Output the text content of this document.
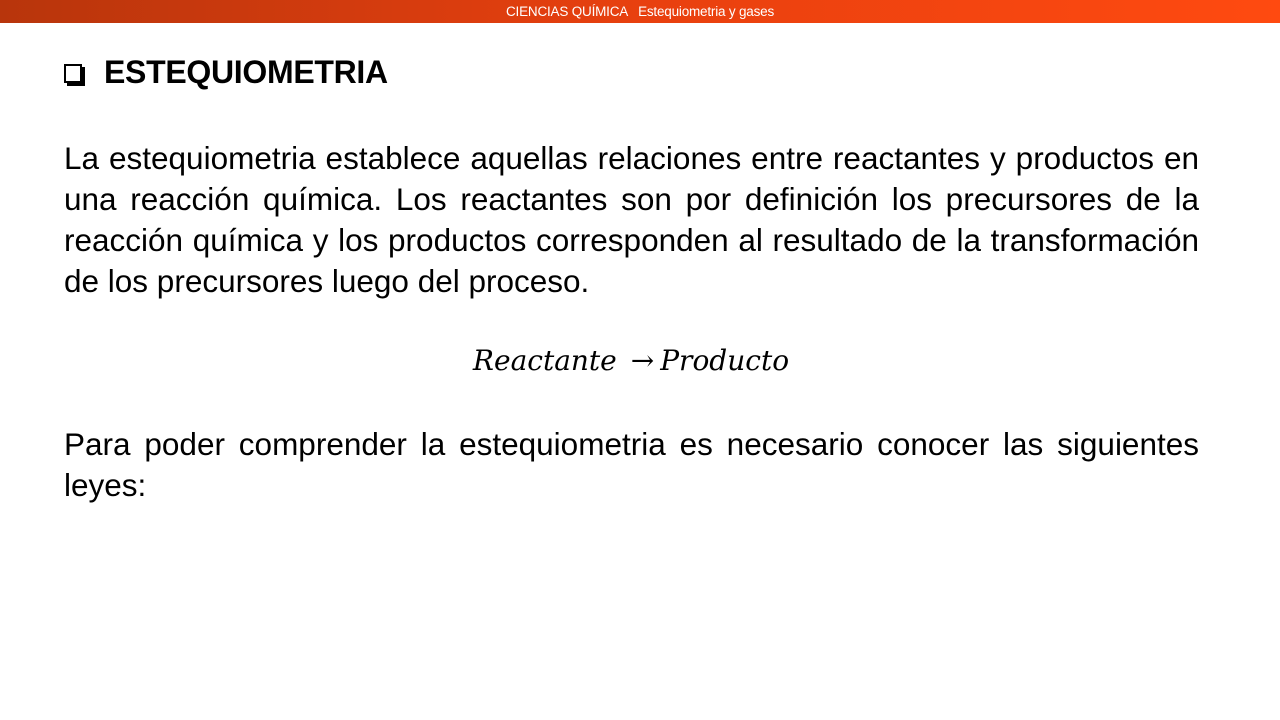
CIENCIAS QUÍMICA Estequiometria y gases
ESTEQUIOMETRIA

La estequiometria establece aquellas relaciones entre reactantes y productos en una reacción química. Los reactantes son por definición los precursores de la reacción química y los productos corresponden al resultado de la transformación de los precursores luego del proceso.

Reactante → Producto

Para poder comprender la estequiometria es necesario conocer las siguientes leyes:
